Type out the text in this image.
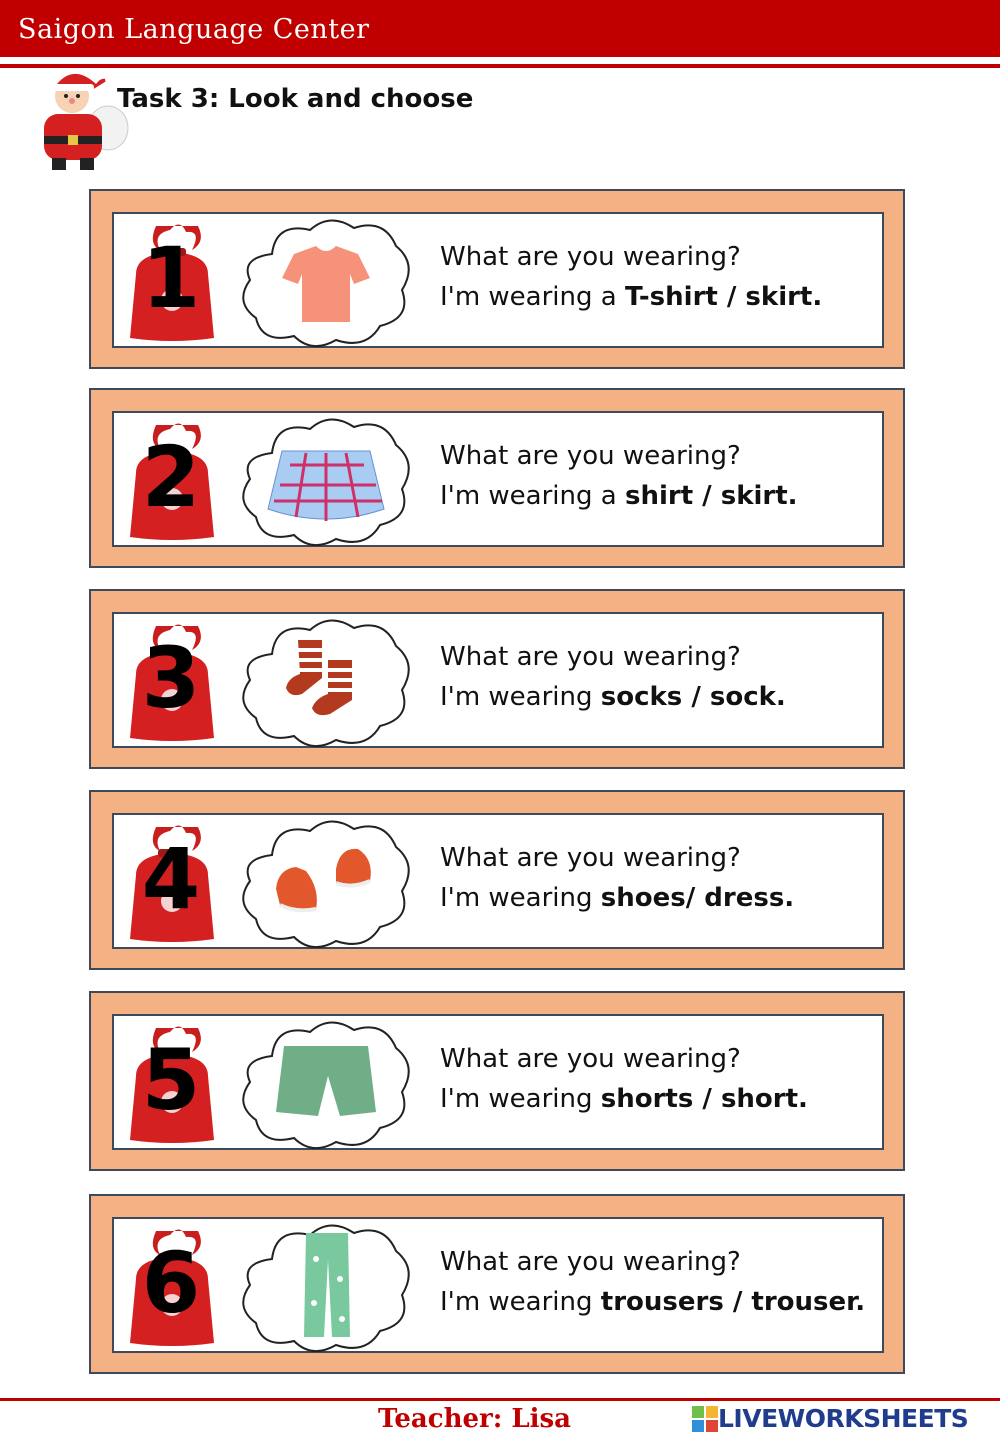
Saigon Language Center
Task 3: Look and choose
1	What are you wearing?
I'm wearing a T-shirt / skirt.
2	What are you wearing?
I'm wearing a shirt / skirt.
3	What are you wearing?
I'm wearing socks / sock.
4	What are you wearing?
I'm wearing shoes/ dress.
5	What are you wearing?
I'm wearing shorts / short.
6	What are you wearing?
I'm wearing trousers / trouser.
Teacher: Lisa	LIVEWORKSHEETS
